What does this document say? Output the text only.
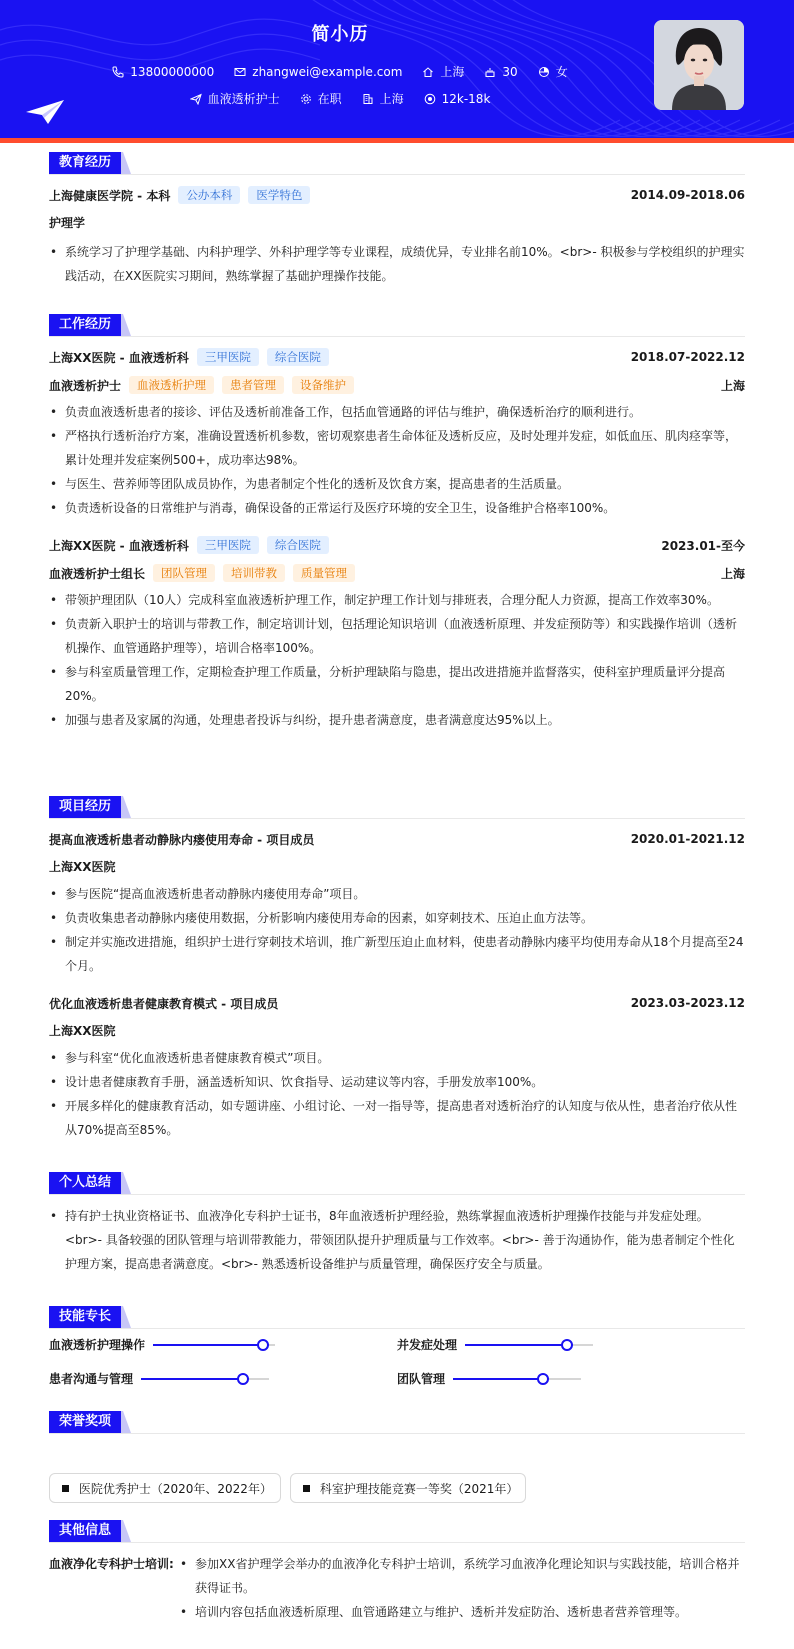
简小历
13800000000	zhangwei@example.com	上海	30	女
血液透析护士	在职	上海	12k-18k
教育经历
上海健康医学院 - 本科	公办本科	医学特色	2014.09-2018.06
护理学
• 系统学习了护理学基础、内科护理学、外科护理学等专业课程，成绩优异，专业排名前10%。<br>- 积极参与学校组织的护理实践活动，在XX医院实习期间，熟练掌握了基础护理操作技能。
工作经历
上海XX医院 - 血液透析科	三甲医院	综合医院	2018.07-2022.12
血液透析护士	血液透析护理	患者管理	设备维护	上海
• 负责血液透析患者的接诊、评估及透析前准备工作，包括血管通路的评估与维护，确保透析治疗的顺利进行。
• 严格执行透析治疗方案，准确设置透析机参数，密切观察患者生命体征及透析反应，及时处理并发症，如低血压、肌肉痉挛等，累计处理并发症案例500+，成功率达98%。
• 与医生、营养师等团队成员协作，为患者制定个性化的透析及饮食方案，提高患者的生活质量。
• 负责透析设备的日常维护与消毒，确保设备的正常运行及医疗环境的安全卫生，设备维护合格率100%。
上海XX医院 - 血液透析科	三甲医院	综合医院	2023.01-至今
血液透析护士组长	团队管理	培训带教	质量管理	上海
• 带领护理团队（10人）完成科室血液透析护理工作，制定护理工作计划与排班表，合理分配人力资源，提高工作效率30%。
• 负责新入职护士的培训与带教工作，制定培训计划，包括理论知识培训（血液透析原理、并发症预防等）和实践操作培训（透析机操作、血管通路护理等），培训合格率100%。
• 参与科室质量管理工作，定期检查护理工作质量，分析护理缺陷与隐患，提出改进措施并监督落实，使科室护理质量评分提高20%。
• 加强与患者及家属的沟通，处理患者投诉与纠纷，提升患者满意度，患者满意度达95%以上。
项目经历
提高血液透析患者动静脉内瘘使用寿命 - 项目成员	2020.01-2021.12
上海XX医院
• 参与医院“提高血液透析患者动静脉内瘘使用寿命”项目。
• 负责收集患者动静脉内瘘使用数据，分析影响内瘘使用寿命的因素，如穿刺技术、压迫止血方法等。
• 制定并实施改进措施，组织护士进行穿刺技术培训，推广新型压迫止血材料，使患者动静脉内瘘平均使用寿命从18个月提高至24个月。
优化血液透析患者健康教育模式 - 项目成员	2023.03-2023.12
上海XX医院
• 参与科室“优化血液透析患者健康教育模式”项目。
• 设计患者健康教育手册，涵盖透析知识、饮食指导、运动建议等内容，手册发放率100%。
• 开展多样化的健康教育活动，如专题讲座、小组讨论、一对一指导等，提高患者对透析治疗的认知度与依从性，患者治疗依从性从70%提高至85%。
个人总结
• 持有护士执业资格证书、血液净化专科护士证书，8年血液透析护理经验，熟练掌握血液透析护理操作技能与并发症处理。<br>- 具备较强的团队管理与培训带教能力，带领团队提升护理质量与工作效率。<br>- 善于沟通协作，能为患者制定个性化护理方案，提高患者满意度。<br>- 熟悉透析设备维护与质量管理，确保医疗安全与质量。
技能专长
血液透析护理操作	并发症处理
患者沟通与管理	团队管理
荣誉奖项
医院优秀护士（2020年、2022年）	科室护理技能竞赛一等奖（2021年）
其他信息
血液净化专科护士培训:
•	参加XX省护理学会举办的血液净化专科护士培训，系统学习血液净化理论知识与实践技能，培训合格并获得证书。
• 培训内容包括血液透析原理、血管通路建立与维护、透析并发症防治、透析患者营养管理等。
